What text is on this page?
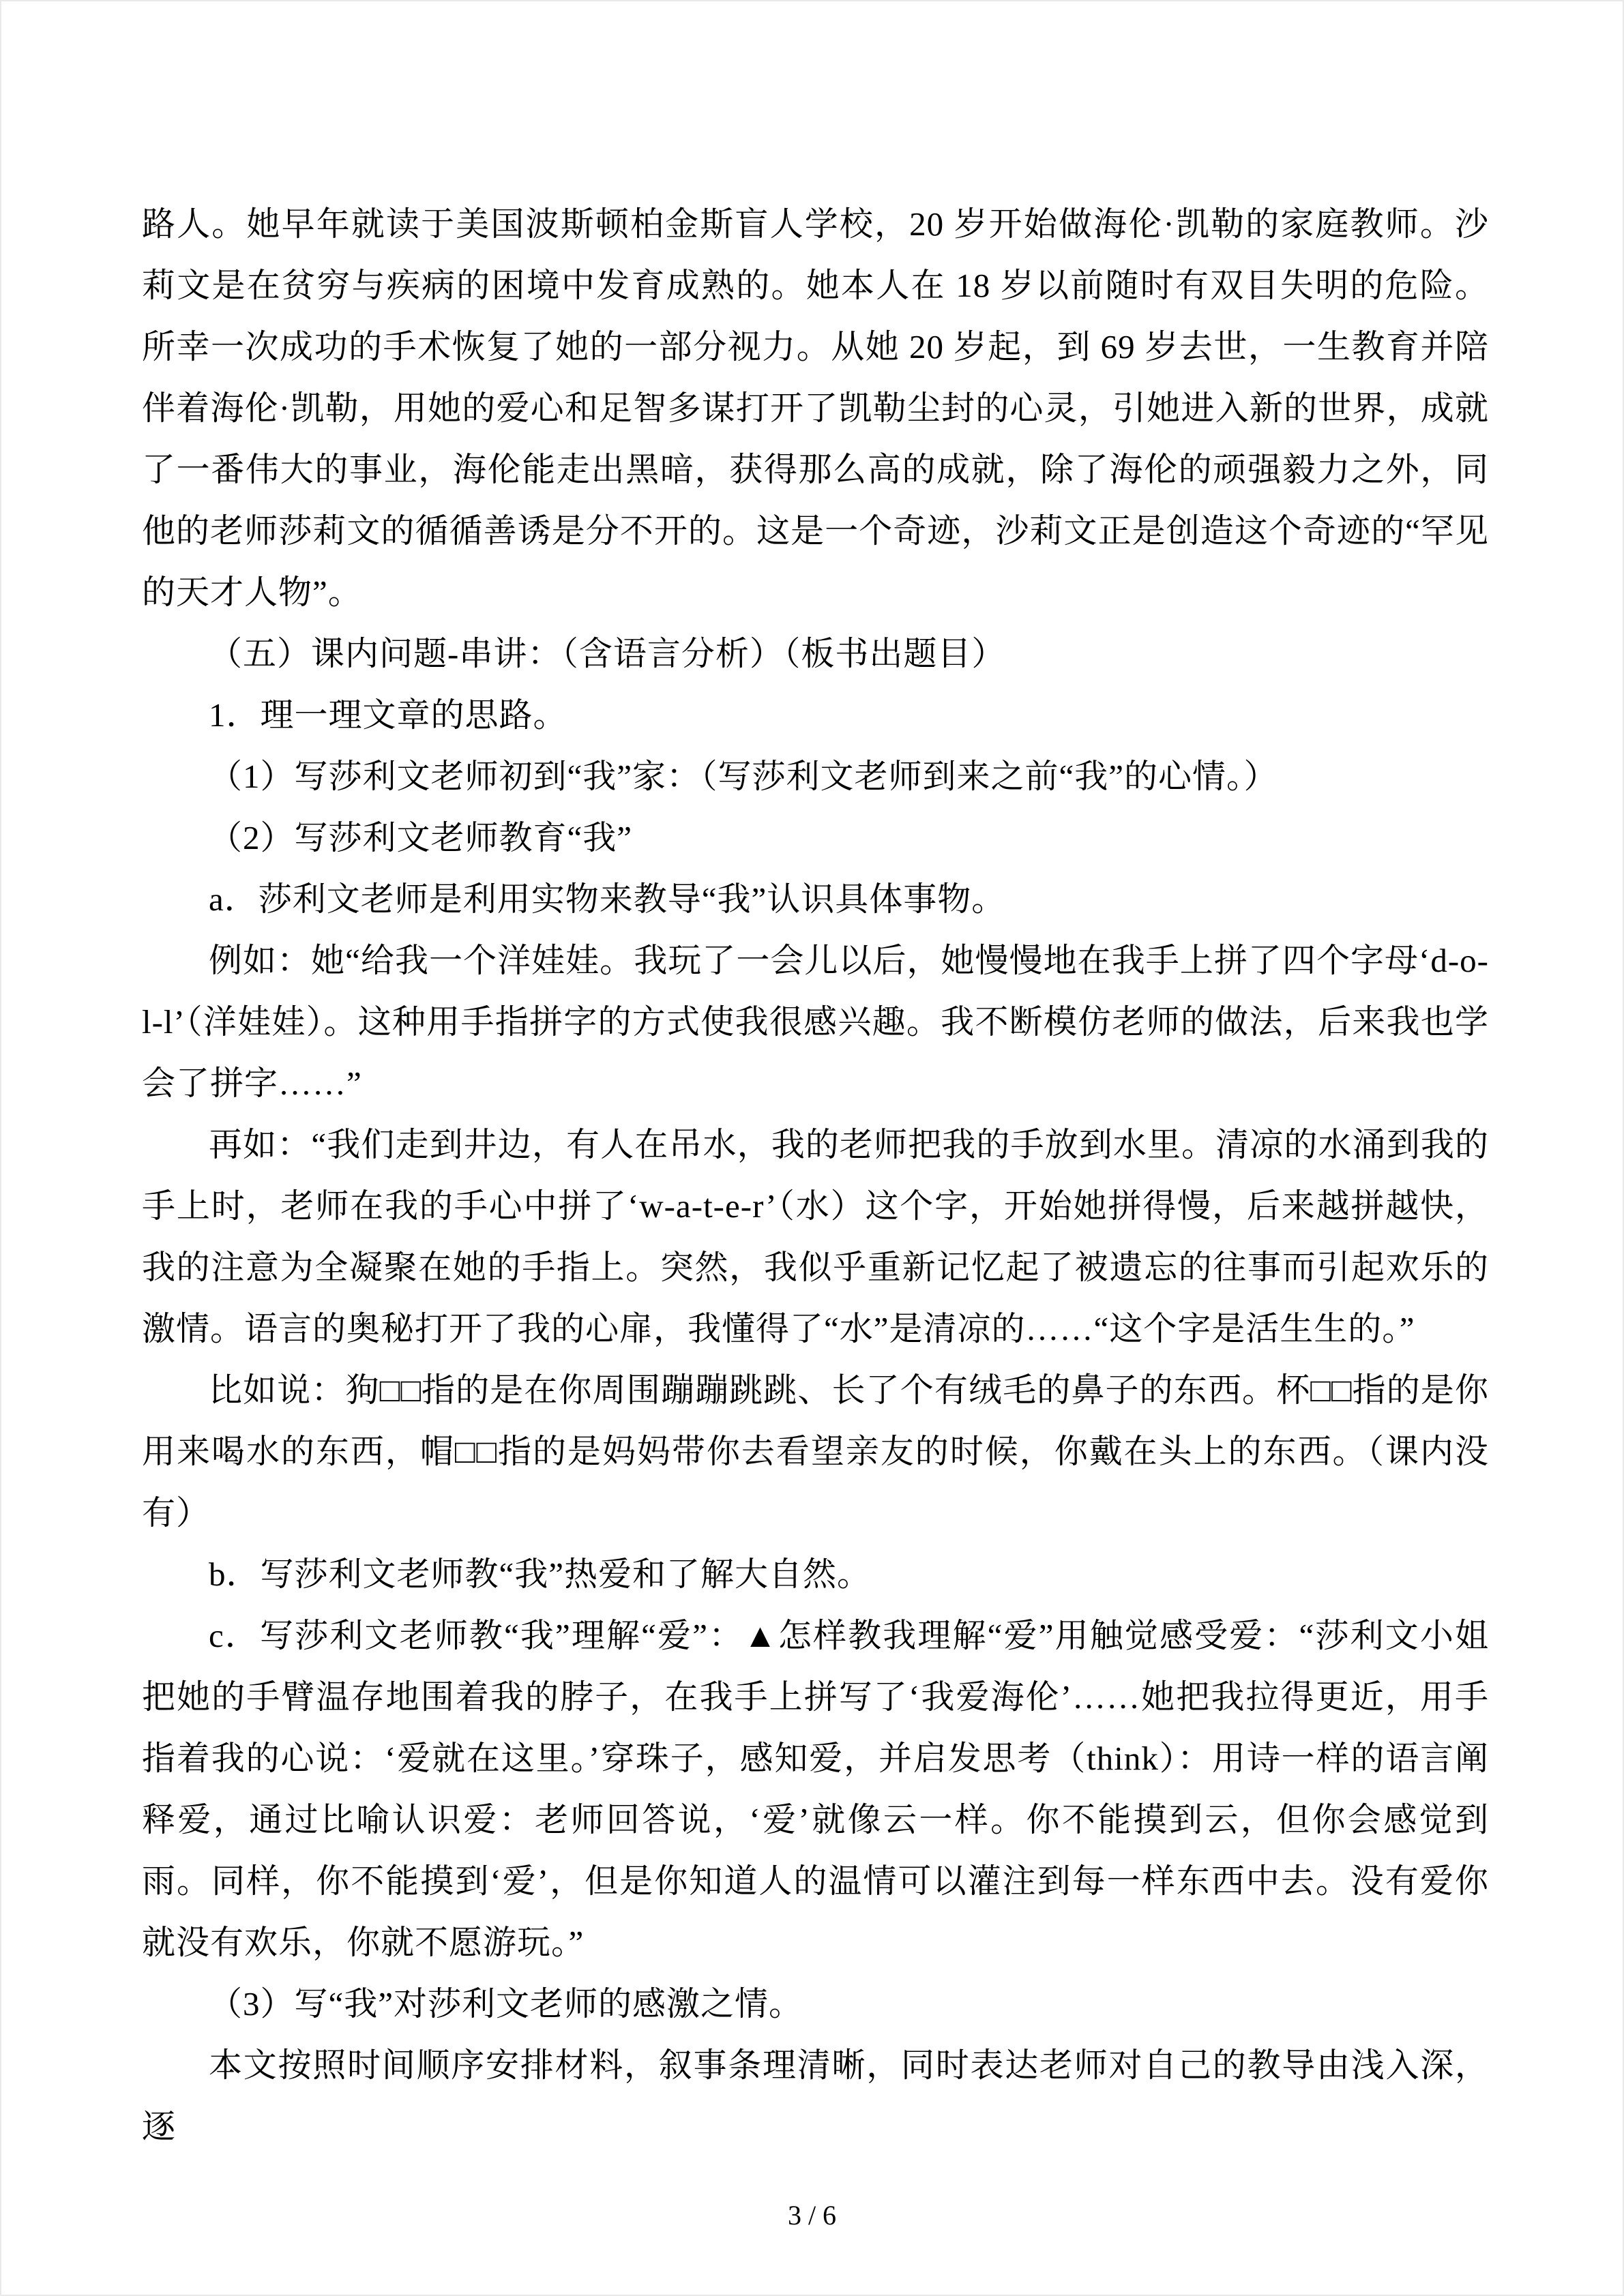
路人。她早年就读于美国波斯顿柏金斯盲人学校，20 岁开始做海伦·凯勒的家庭教师。沙莉文是在贫穷与疾病的困境中发育成熟的。她本人在 18 岁以前随时有双目失明的危险。所幸一次成功的手术恢复了她的一部分视力。从她 20 岁起，到 69 岁去世，一生教育并陪伴着海伦·凯勒，用她的爱心和足智多谋打开了凯勒尘封的心灵，引她进入新的世界，成就了一番伟大的事业，海伦能走出黑暗，获得那么高的成就，除了海伦的顽强毅力之外，同他的老师莎莉文的循循善诱是分不开的。这是一个奇迹，沙莉文正是创造这个奇迹的“罕见的天才人物”。

（五）课内问题-串讲：（含语言分析）（板书出题目）

1．理一理文章的思路。

（1）写莎利文老师初到“我”家：（写莎利文老师到来之前“我”的心情。）

（2）写莎利文老师教育“我”

a．莎利文老师是利用实物来教导“我”认识具体事物。

例如：她“给我一个洋娃娃。我玩了一会儿以后，她慢慢地在我手上拼了四个字母‘d-o-l-l’（洋娃娃）。这种用手指拼字的方式使我很感兴趣。我不断模仿老师的做法，后来我也学会了拼字……”

再如：“我们走到井边，有人在吊水，我的老师把我的手放到水里。清凉的水涌到我的手上时，老师在我的手心中拼了‘w-a-t-e-r’（水）这个字，开始她拼得慢，后来越拼越快，我的注意为全凝聚在她的手指上。突然，我似乎重新记忆起了被遗忘的往事而引起欢乐的激情。语言的奥秘打开了我的心扉，我懂得了“水”是清凉的……“这个字是活生生的。”

比如说：狗□□指的是在你周围蹦蹦跳跳、长了个有绒毛的鼻子的东西。杯□□指的是你用来喝水的东西，帽□□指的是妈妈带你去看望亲友的时候，你戴在头上的东西。（课内没有）

b．写莎利文老师教“我”热爱和了解大自然。

c．写莎利文老师教“我”理解“爱”：▲怎样教我理解“爱”用触觉感受爱：“莎利文小姐把她的手臂温存地围着我的脖子，在我手上拼写了‘我爱海伦’……她把我拉得更近，用手指着我的心说：‘爱就在这里。’穿珠子，感知爱，并启发思考（think）：用诗一样的语言阐释爱，通过比喻认识爱：老师回答说，‘爱’就像云一样。你不能摸到云，但你会感觉到雨。同样，你不能摸到‘爱’，但是你知道人的温情可以灌注到每一样东西中去。没有爱你就没有欢乐，你就不愿游玩。”

（3）写“我”对莎利文老师的感激之情。

本文按照时间顺序安排材料，叙事条理清晰，同时表达老师对自己的教导由浅入深，逐

3 / 6
